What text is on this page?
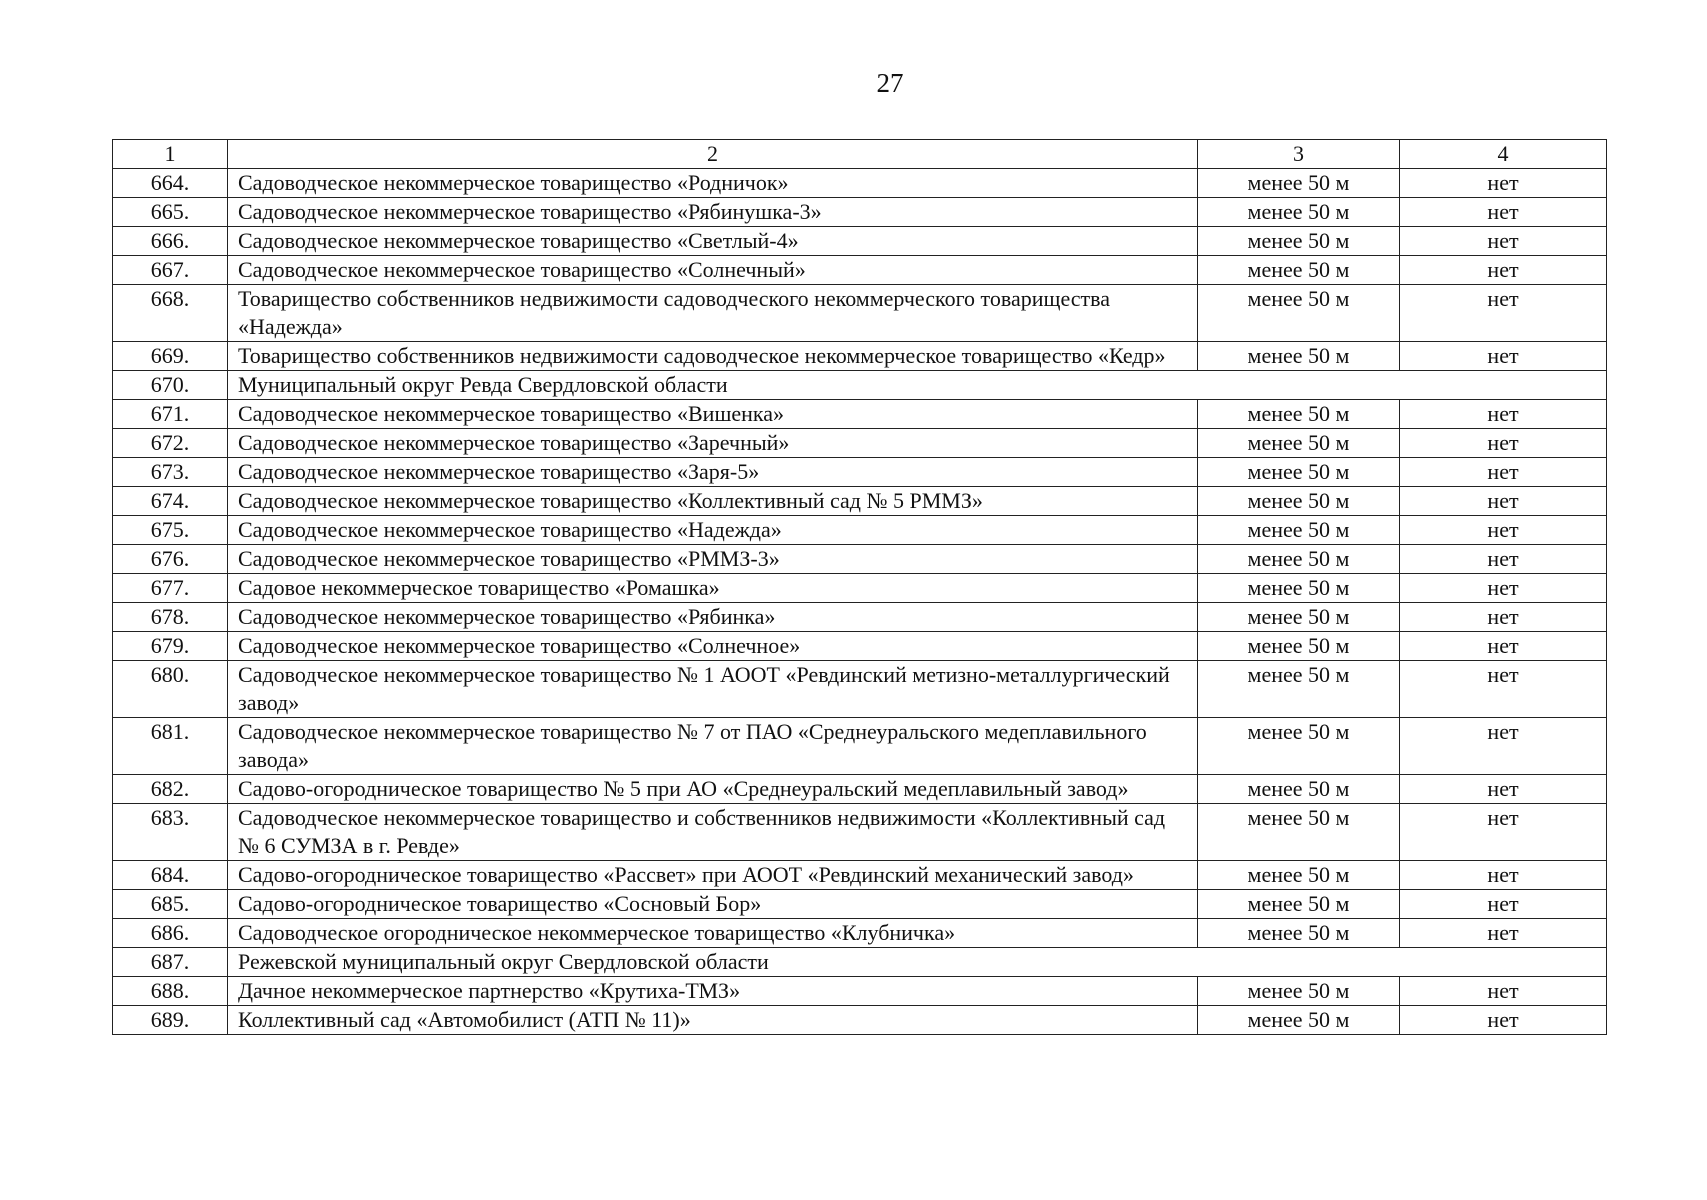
27
1	2	3	4
664.	Садоводческое некоммерческое товарищество «Родничок»	менее 50 м	нет
665.	Садоводческое некоммерческое товарищество «Рябинушка-3»	менее 50 м	нет
666.	Садоводческое некоммерческое товарищество «Светлый-4»	менее 50 м	нет
667.	Садоводческое некоммерческое товарищество «Солнечный»	менее 50 м	нет
668.	Товарищество собственников недвижимости садоводческого некоммерческого товарищества «Надежда»	менее 50 м	нет
669.	Товарищество собственников недвижимости садоводческое некоммерческое товарищество «Кедр»	менее 50 м	нет
670.	Муниципальный округ Ревда Свердловской области		
671.	Садоводческое некоммерческое товарищество «Вишенка»	менее 50 м	нет
672.	Садоводческое некоммерческое товарищество «Заречный»	менее 50 м	нет
673.	Садоводческое некоммерческое товарищество «Заря-5»	менее 50 м	нет
674.	Садоводческое некоммерческое товарищество «Коллективный сад № 5 РММЗ»	менее 50 м	нет
675.	Садоводческое некоммерческое товарищество «Надежда»	менее 50 м	нет
676.	Садоводческое некоммерческое товарищество «РММЗ-3»	менее 50 м	нет
677.	Садовое некоммерческое товарищество «Ромашка»	менее 50 м	нет
678.	Садоводческое некоммерческое товарищество «Рябинка»	менее 50 м	нет
679.	Садоводческое некоммерческое товарищество «Солнечное»	менее 50 м	нет
680.	Садоводческое некоммерческое товарищество № 1 АООТ «Ревдинский метизно-металлургический завод»	менее 50 м	нет
681.	Садоводческое некоммерческое товарищество № 7 от ПАО «Среднеуральского медеплавильного завода»	менее 50 м	нет
682.	Садово-огородническое товарищество № 5 при АО «Среднеуральский медеплавильный завод»	менее 50 м	нет
683.	Садоводческое некоммерческое товарищество и собственников недвижимости «Коллективный сад № 6 СУМЗА в г. Ревде»	менее 50 м	нет
684.	Садово-огородническое товарищество «Рассвет» при АООТ «Ревдинский механический завод»	менее 50 м	нет
685.	Садово-огородническое товарищество «Сосновый Бор»	менее 50 м	нет
686.	Садоводческое огородническое некоммерческое товарищество «Клубничка»	менее 50 м	нет
687.	Режевской муниципальный округ Свердловской области		
688.	Дачное некоммерческое партнерство «Крутиха-ТМЗ»	менее 50 м	нет
689.	Коллективный сад «Автомобилист (АТП № 11)»	менее 50 м	нет
